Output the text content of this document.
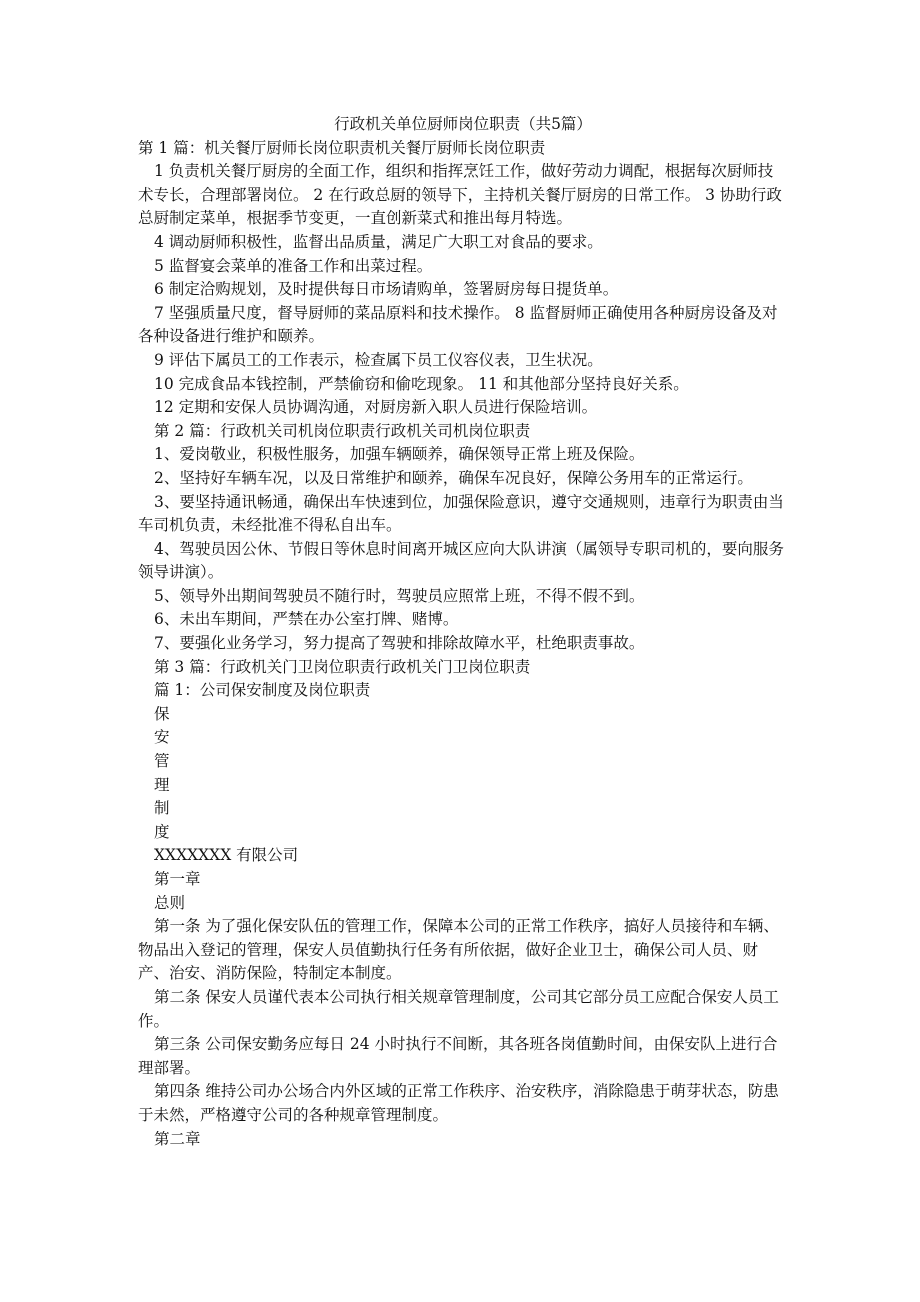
行政机关单位厨师岗位职责（共5篇）

第 1 篇：机关餐厅厨师长岗位职责机关餐厅厨师长岗位职责

1 负责机关餐厅厨房的全面工作，组织和指挥烹饪工作，做好劳动力调配，根据每次厨师技术专长，合理部署岗位。 2 在行政总厨的领导下，主持机关餐厅厨房的日常工作。 3 协助行政总厨制定菜单，根据季节变更，一直创新菜式和推出每月特选。

4 调动厨师积极性，监督出品质量，满足广大职工对食品的要求。

5 监督宴会菜单的准备工作和出菜过程。

6 制定洽购规划，及时提供每日市场请购单，签署厨房每日提货单。

7 坚强质量尺度，督导厨师的菜品原料和技术操作。 8 监督厨师正确使用各种厨房设备及对各种设备进行维护和颐养。

9 评估下属员工的工作表示，检查属下员工仪容仪表，卫生状况。

10 完成食品本钱控制，严禁偷窃和偷吃现象。 11 和其他部分坚持良好关系。

12 定期和安保人员协调沟通，对厨房新入职人员进行保险培训。

第 2 篇：行政机关司机岗位职责行政机关司机岗位职责

1、爱岗敬业，积极性服务，加强车辆颐养，确保领导正常上班及保险。

2、坚持好车辆车况，以及日常维护和颐养，确保车况良好，保障公务用车的正常运行。

3、要坚持通讯畅通，确保出车快速到位，加强保险意识，遵守交通规则，违章行为职责由当车司机负责，未经批准不得私自出车。

4、驾驶员因公休、节假日等休息时间离开城区应向大队讲演（属领导专职司机的，要向服务领导讲演）。

5、领导外出期间驾驶员不随行时，驾驶员应照常上班，不得不假不到。

6、未出车期间，严禁在办公室打牌、赌博。

7、要强化业务学习，努力提高了驾驶和排除故障水平，杜绝职责事故。

第 3 篇：行政机关门卫岗位职责行政机关门卫岗位职责

篇 1：公司保安制度及岗位职责

保

安

管

理

制

度

XXXXXXX 有限公司

第一章

总则

第一条 为了强化保安队伍的管理工作，保障本公司的正常工作秩序，搞好人员接待和车辆、物品出入登记的管理，保安人员值勤执行任务有所依据，做好企业卫士，确保公司人员、财产、治安、消防保险，特制定本制度。

第二条 保安人员谨代表本公司执行相关规章管理制度，公司其它部分员工应配合保安人员工作。

第三条 公司保安勤务应每日 24 小时执行不间断，其各班各岗值勤时间，由保安队上进行合理部署。

第四条 维持公司办公场合内外区域的正常工作秩序、治安秩序，消除隐患于萌芽状态，防患于未然，严格遵守公司的各种规章管理制度。

第二章
